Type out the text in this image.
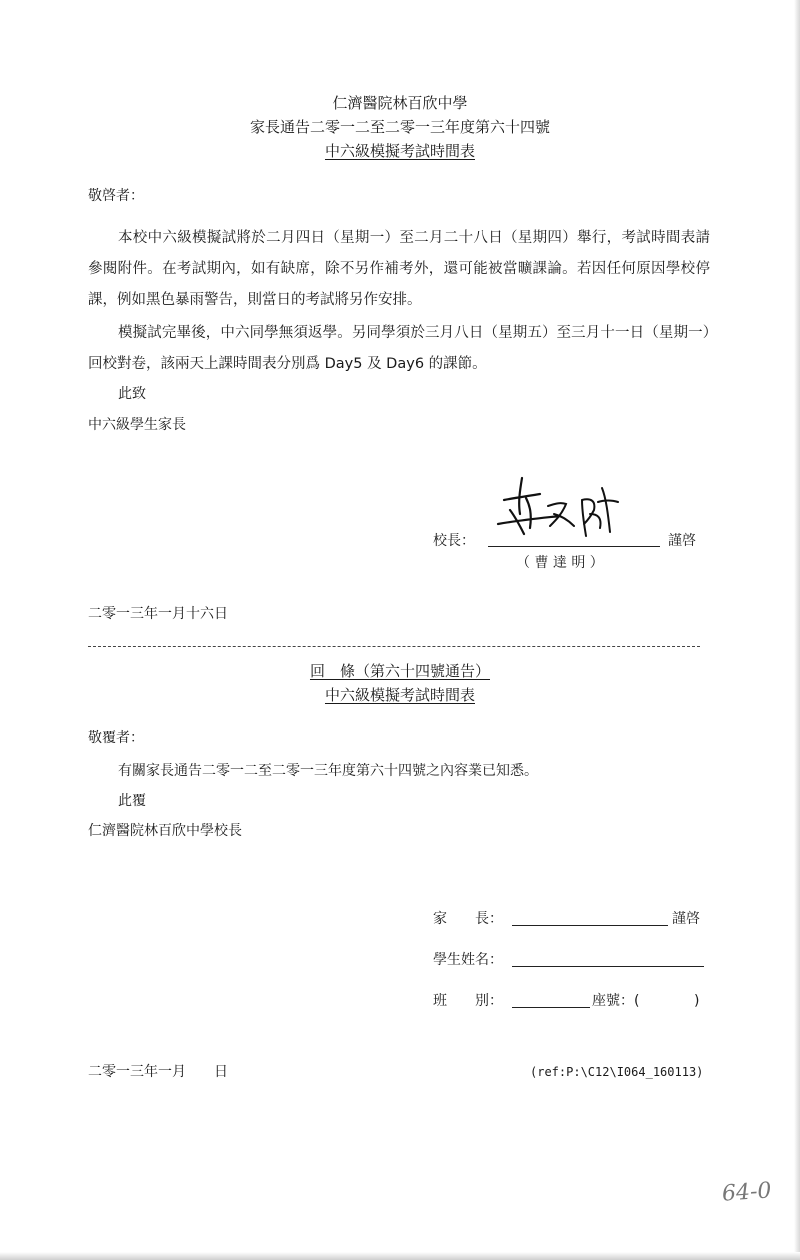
仁濟醫院林百欣中學
家長通告二零一二至二零一三年度第六十四號
中六級模擬考試時間表
敬啓者：
本校中六級模擬試將於二月四日（星期一）至二月二十八日（星期四）舉行，考試時間表請參閱附件。在考試期內，如有缺席，除不另作補考外，還可能被當曠課論。若因任何原因學校停課，例如黑色暴雨警告，則當日的考試將另作安排。
模擬試完畢後，中六同學無須返學。另同學須於三月八日（星期五）至三月十一日（星期一）回校對卷，該兩天上課時間表分別爲 Day5 及 Day6 的課節。
此致
中六級學生家長
校長：	謹啓
（ 曹 達 明 ）
二零一三年一月十六日
回　條（第六十四號通告）
中六級模擬考試時間表
敬覆者：
有關家長通告二零一二至二零一三年度第六十四號之內容業已知悉。
此覆
仁濟醫院林百欣中學校長
家　　長：	謹啓
學生姓名：
班　　別：	座號：(	)
二零一三年一月　　日	(ref:P:\C12\I064_160113)
64-0
